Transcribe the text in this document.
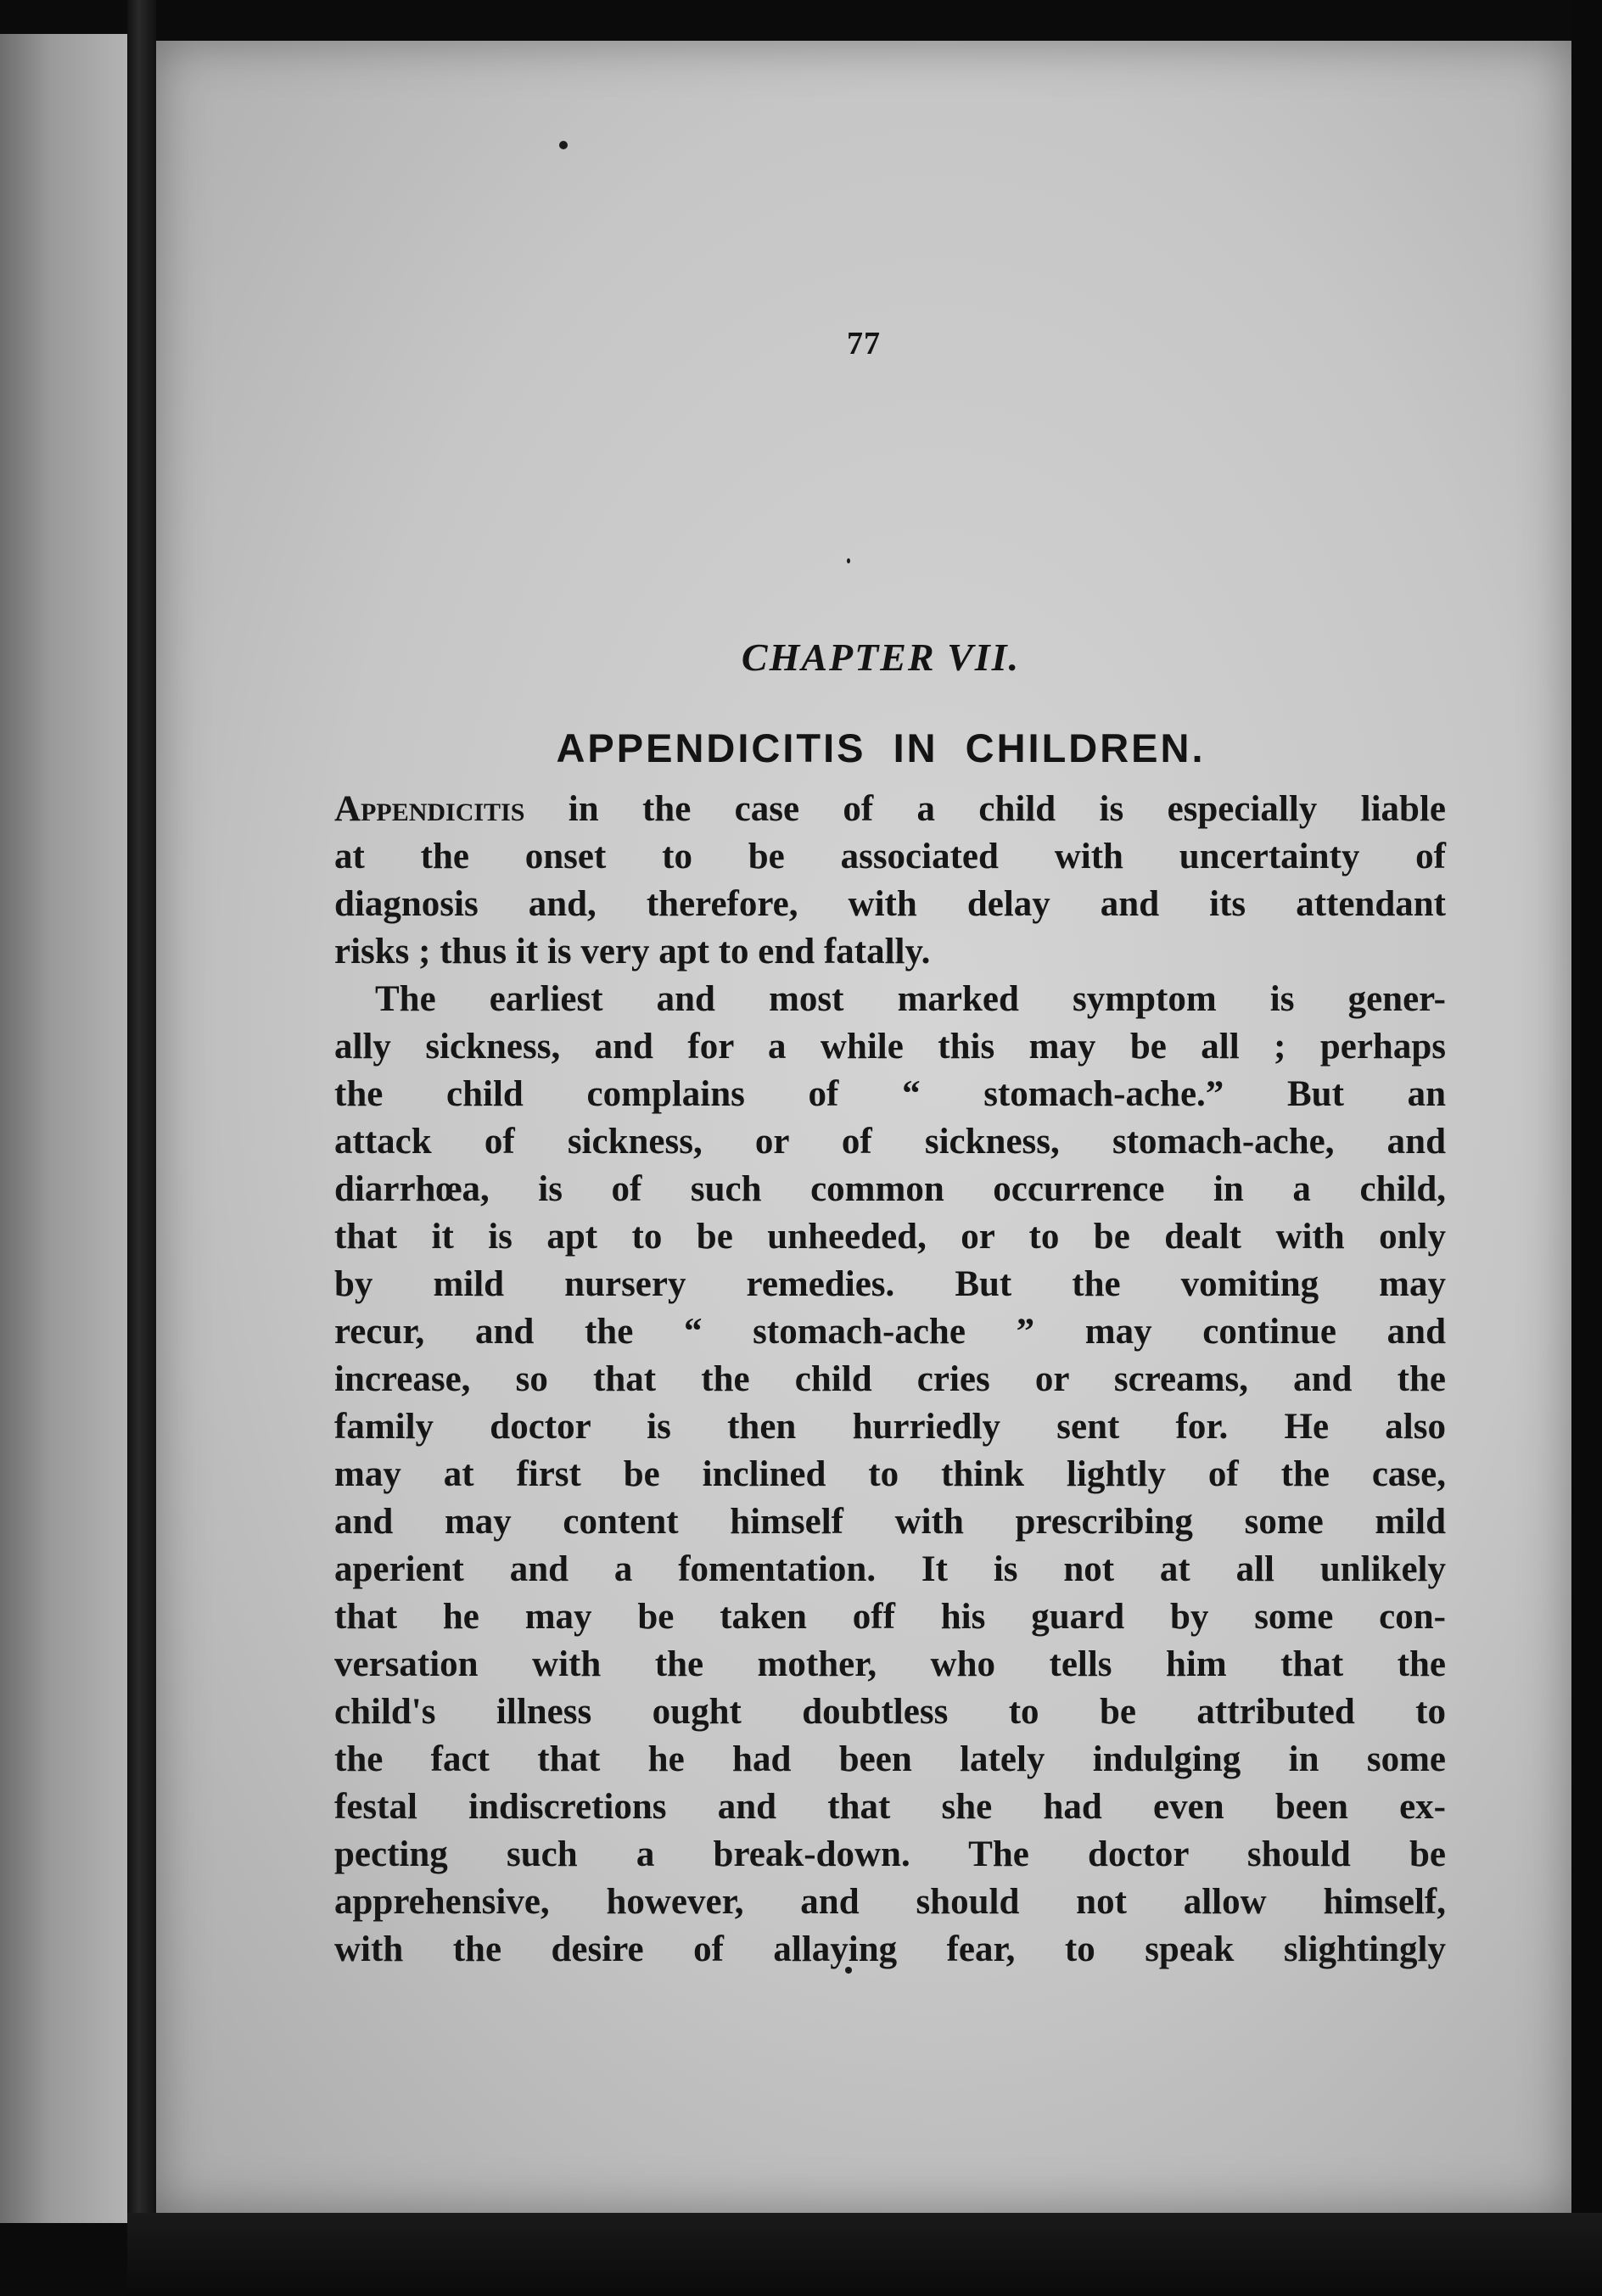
77
CHAPTER VII.
APPENDICITIS IN CHILDREN.
Appendicitis in the case of a child is especially liable
at the onset to be associated with uncertainty of
diagnosis and, therefore, with delay and its attendant
risks ; thus it is very apt to end fatally.
The earliest and most marked symptom is gener-
ally sickness, and for a while this may be all ; perhaps
the child complains of “ stomach-ache.” But an
attack of sickness, or of sickness, stomach-ache, and
diarrhœa, is of such common occurrence in a child,
that it is apt to be unheeded, or to be dealt with only
by mild nursery remedies. But the vomiting may
recur, and the “ stomach-ache ” may continue and
increase, so that the child cries or screams, and the
family doctor is then hurriedly sent for. He also
may at first be inclined to think lightly of the case,
and may content himself with prescribing some mild
aperient and a fomentation. It is not at all unlikely
that he may be taken off his guard by some con-
versation with the mother, who tells him that the
child's illness ought doubtless to be attributed to
the fact that he had been lately indulging in some
festal indiscretions and that she had even been ex-
pecting such a break-down. The doctor should be
apprehensive, however, and should not allow himself,
with the desire of allaying fear, to speak slightingly
